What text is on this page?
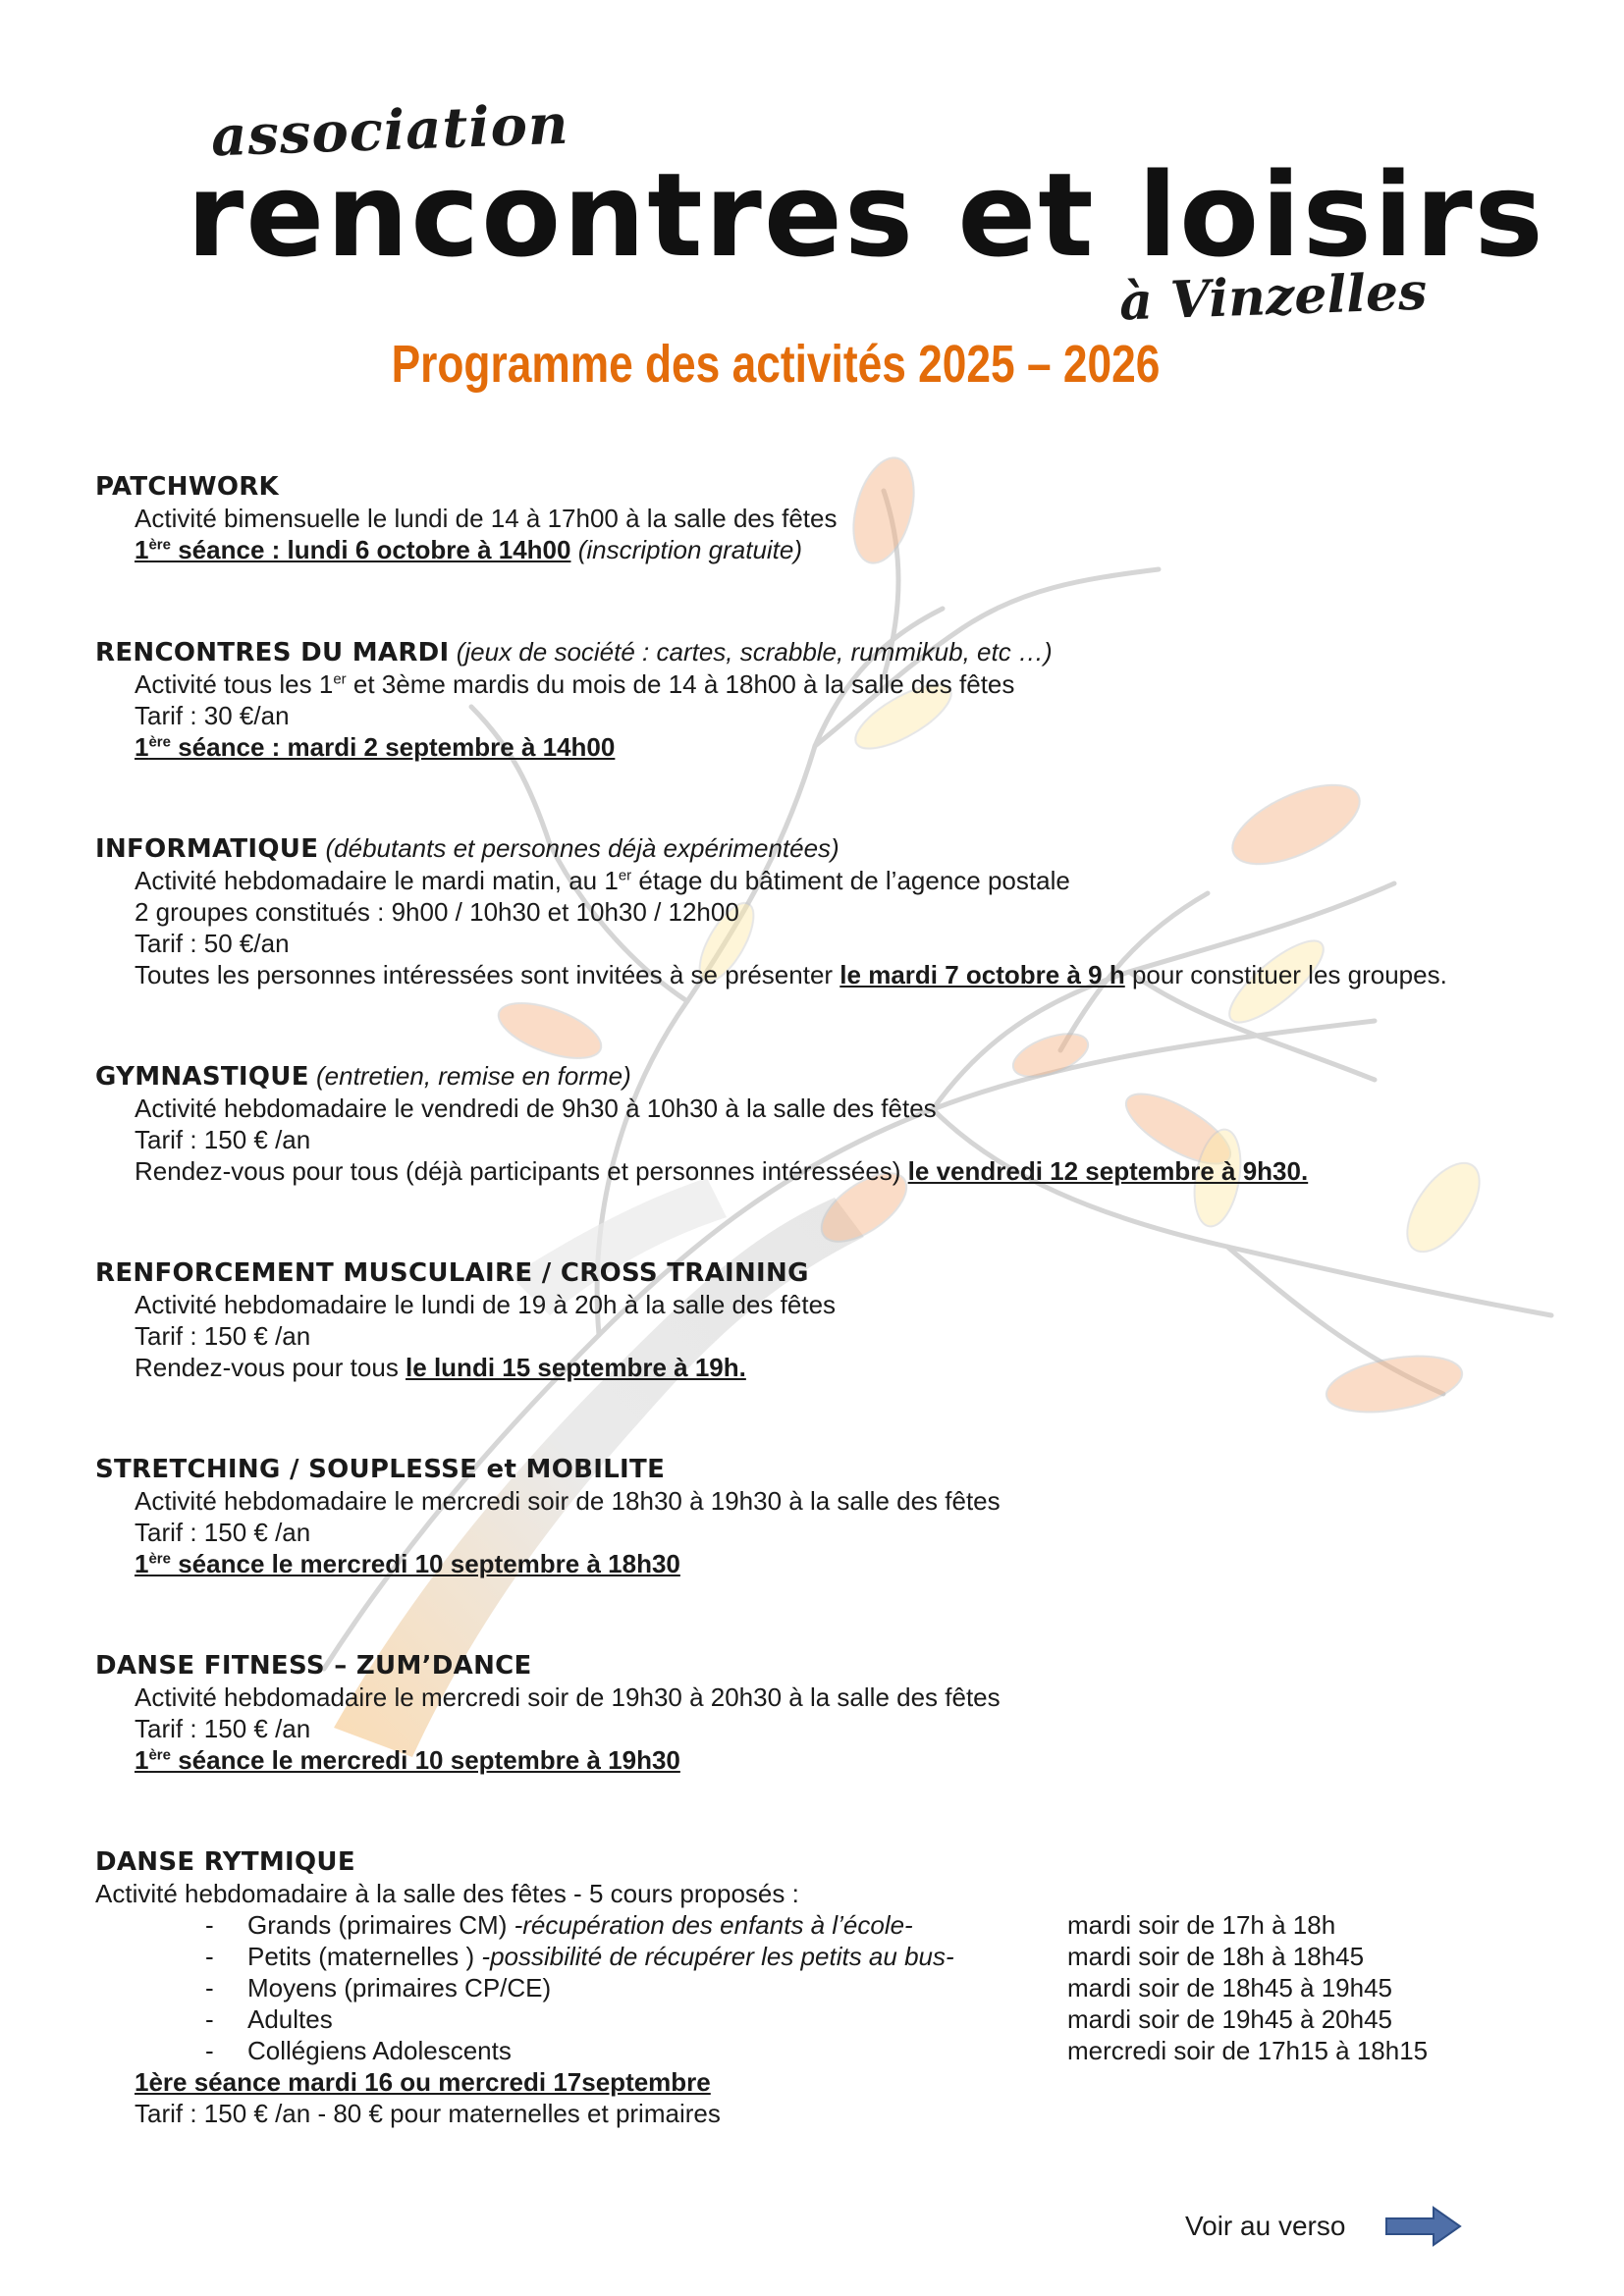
association
rencontres et loisirs
à Vinzelles
Programme des activités 2025 – 2026
PATCHWORK
Activité bimensuelle le lundi de 14 à 17h00 à la salle des fêtes
1ère séance : lundi 6 octobre à 14h00 (inscription gratuite)
RENCONTRES DU MARDI (jeux de société : cartes, scrabble, rummikub, etc …)
Activité tous les 1er et 3ème mardis du mois de 14 à 18h00 à la salle des fêtes
Tarif : 30 €/an
1ère séance : mardi 2 septembre à 14h00
INFORMATIQUE (débutants et personnes déjà expérimentées)
Activité hebdomadaire le mardi matin, au 1er étage du bâtiment de l’agence postale
2 groupes constitués : 9h00 / 10h30 et 10h30 / 12h00
Tarif : 50 €/an
Toutes les personnes intéressées sont invitées à se présenter le mardi 7 octobre à 9 h pour constituer les groupes.
GYMNASTIQUE (entretien, remise en forme)
Activité hebdomadaire le vendredi de 9h30 à 10h30 à la salle des fêtes
Tarif : 150 € /an
Rendez-vous pour tous (déjà participants et personnes intéressées) le vendredi 12 septembre à 9h30.
RENFORCEMENT MUSCULAIRE / CROSS TRAINING
Activité hebdomadaire le lundi de 19 à 20h à la salle des fêtes
Tarif : 150 € /an
Rendez-vous pour tous le lundi 15 septembre à 19h.
STRETCHING / SOUPLESSE et MOBILITE
Activité hebdomadaire le mercredi soir de 18h30 à 19h30 à la salle des fêtes
Tarif : 150 € /an
1ère séance le mercredi 10 septembre à 18h30
DANSE FITNESS – ZUM’DANCE
Activité hebdomadaire le mercredi soir de 19h30 à 20h30 à la salle des fêtes
Tarif : 150 € /an
1ère séance le mercredi 10 septembre à 19h30
DANSE RYTMIQUE
Activité hebdomadaire à la salle des fêtes - 5 cours proposés :
- Grands (primaires CM) -récupération des enfants à l’école-	mardi soir de 17h à 18h
- Petits (maternelles ) -possibilité de récupérer les petits au bus-	mardi soir de 18h à 18h45
- Moyens (primaires CP/CE)	mardi soir de 18h45 à 19h45
- Adultes	mardi soir de 19h45 à 20h45
- Collégiens Adolescents	mercredi soir de 17h15 à 18h15
1ère séance mardi 16 ou mercredi 17septembre
Tarif : 150 € /an - 80 € pour maternelles et primaires
Voir au verso
